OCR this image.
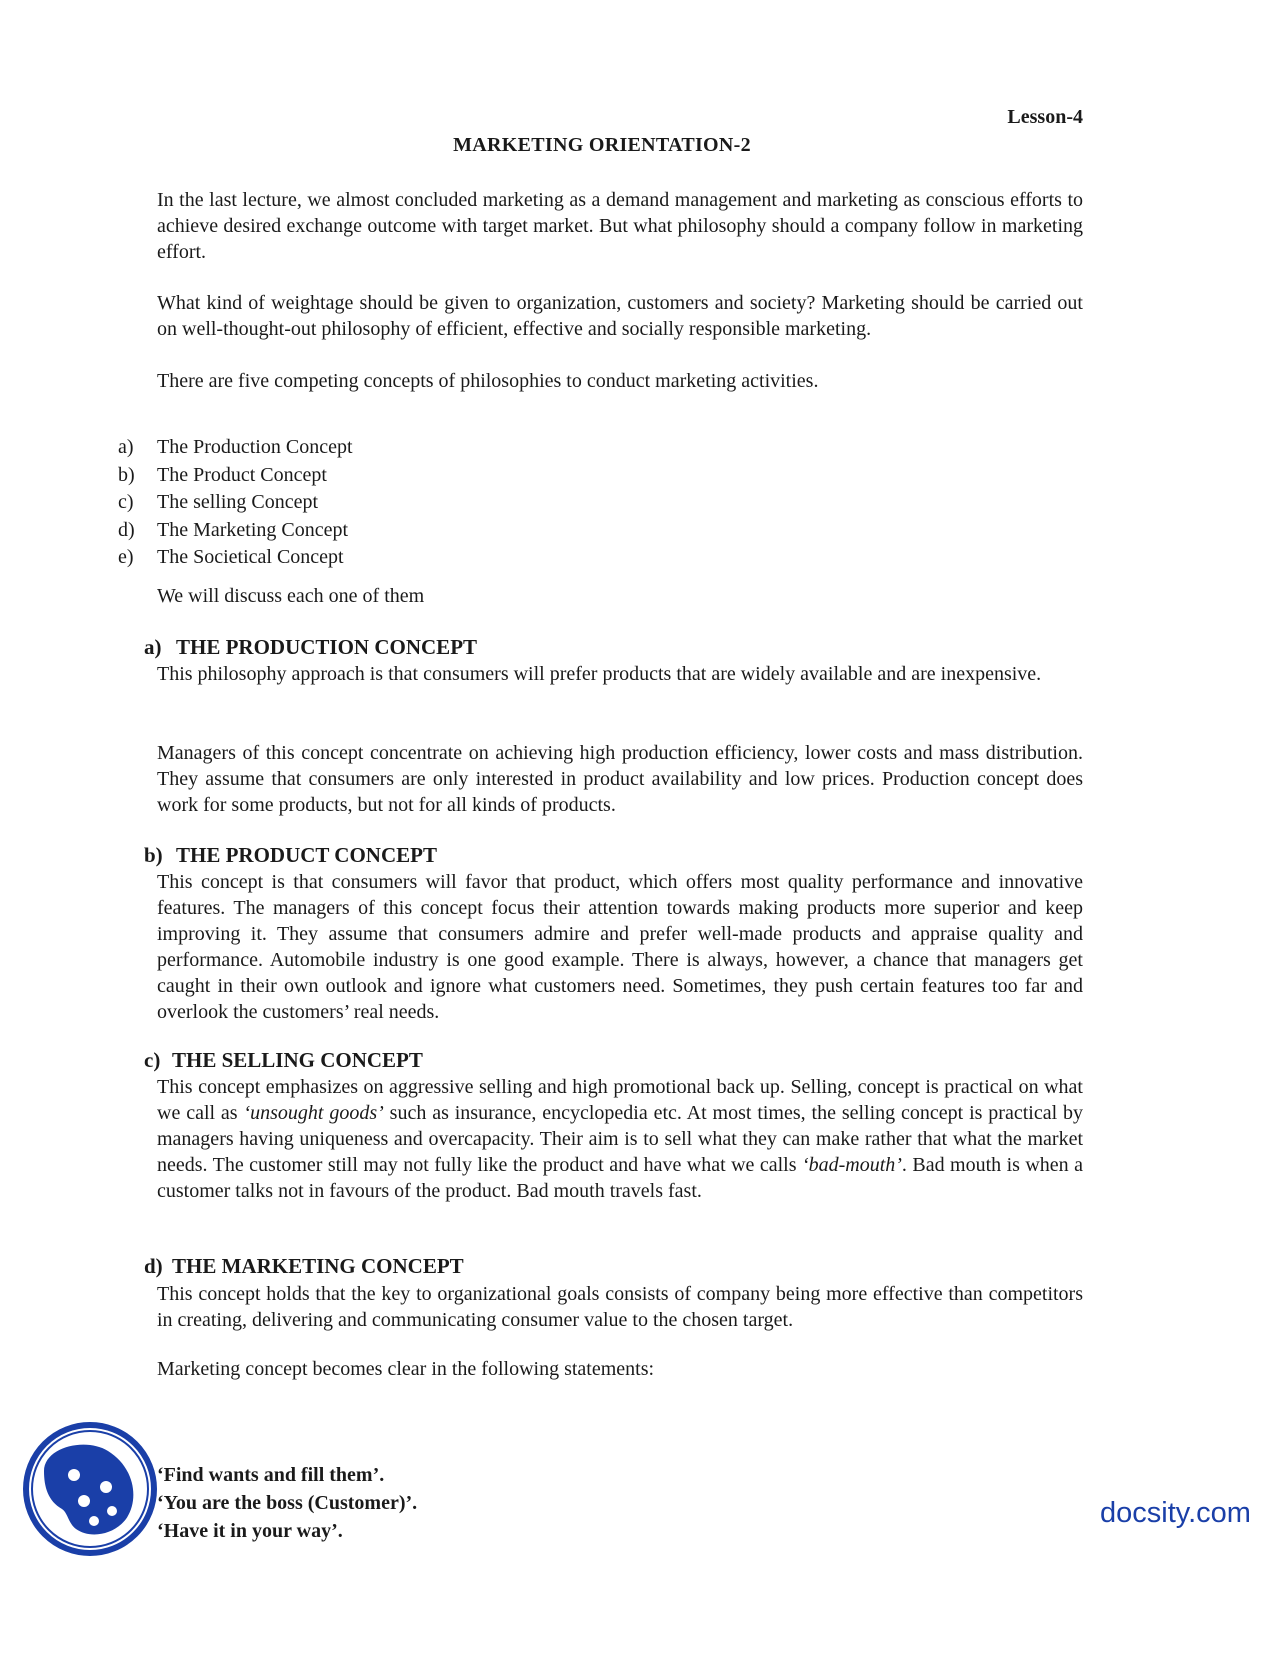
Lesson-4
MARKETING ORIENTATION-2

In the last lecture, we almost concluded marketing as a demand management and marketing as conscious efforts to achieve desired exchange outcome with target market. But what philosophy should a company follow in marketing effort.

What kind of weightage should be given to organization, customers and society? Marketing should be carried out on well-thought-out philosophy of efficient, effective and socially responsible marketing.

There are five competing concepts of philosophies to conduct marketing activities.

a)	The Production Concept
b)	The Product Concept
c)	The selling Concept
d)	The Marketing Concept
e)	The Societical Concept

We will discuss each one of them

a) THE PRODUCTION CONCEPT

This philosophy approach is that consumers will prefer products that are widely available and are inexpensive.

Managers of this concept concentrate on achieving high production efficiency, lower costs and mass distribution. They assume that consumers are only interested in product availability and low prices. Production concept does work for some products, but not for all kinds of products.

b) THE PRODUCT CONCEPT

This concept is that consumers will favor that product, which offers most quality performance and innovative features. The managers of this concept focus their attention towards making products more superior and keep improving it. They assume that consumers admire and prefer well-made products and appraise quality and performance. Automobile industry is one good example. There is always, however, a chance that managers get caught in their own outlook and ignore what customers need. Sometimes, they push certain features too far and overlook the customers’ real needs.

c) THE SELLING CONCEPT

This concept emphasizes on aggressive selling and high promotional back up. Selling, concept is practical on what we call as ‘unsought goods’ such as insurance, encyclopedia etc. At most times, the selling concept is practical by managers having uniqueness and overcapacity. Their aim is to sell what they can make rather that what the market needs. The customer still may not fully like the product and have what we calls ‘bad-mouth’. Bad mouth is when a customer talks not in favours of the product. Bad mouth travels fast.

d) THE MARKETING CONCEPT

This concept holds that the key to organizational goals consists of company being more effective than competitors in creating, delivering and communicating consumer value to the chosen target.

Marketing concept becomes clear in the following statements:

‘Find wants and fill them’.
‘You are the boss (Customer)’.
‘Have it in your way’.
docsity.com
